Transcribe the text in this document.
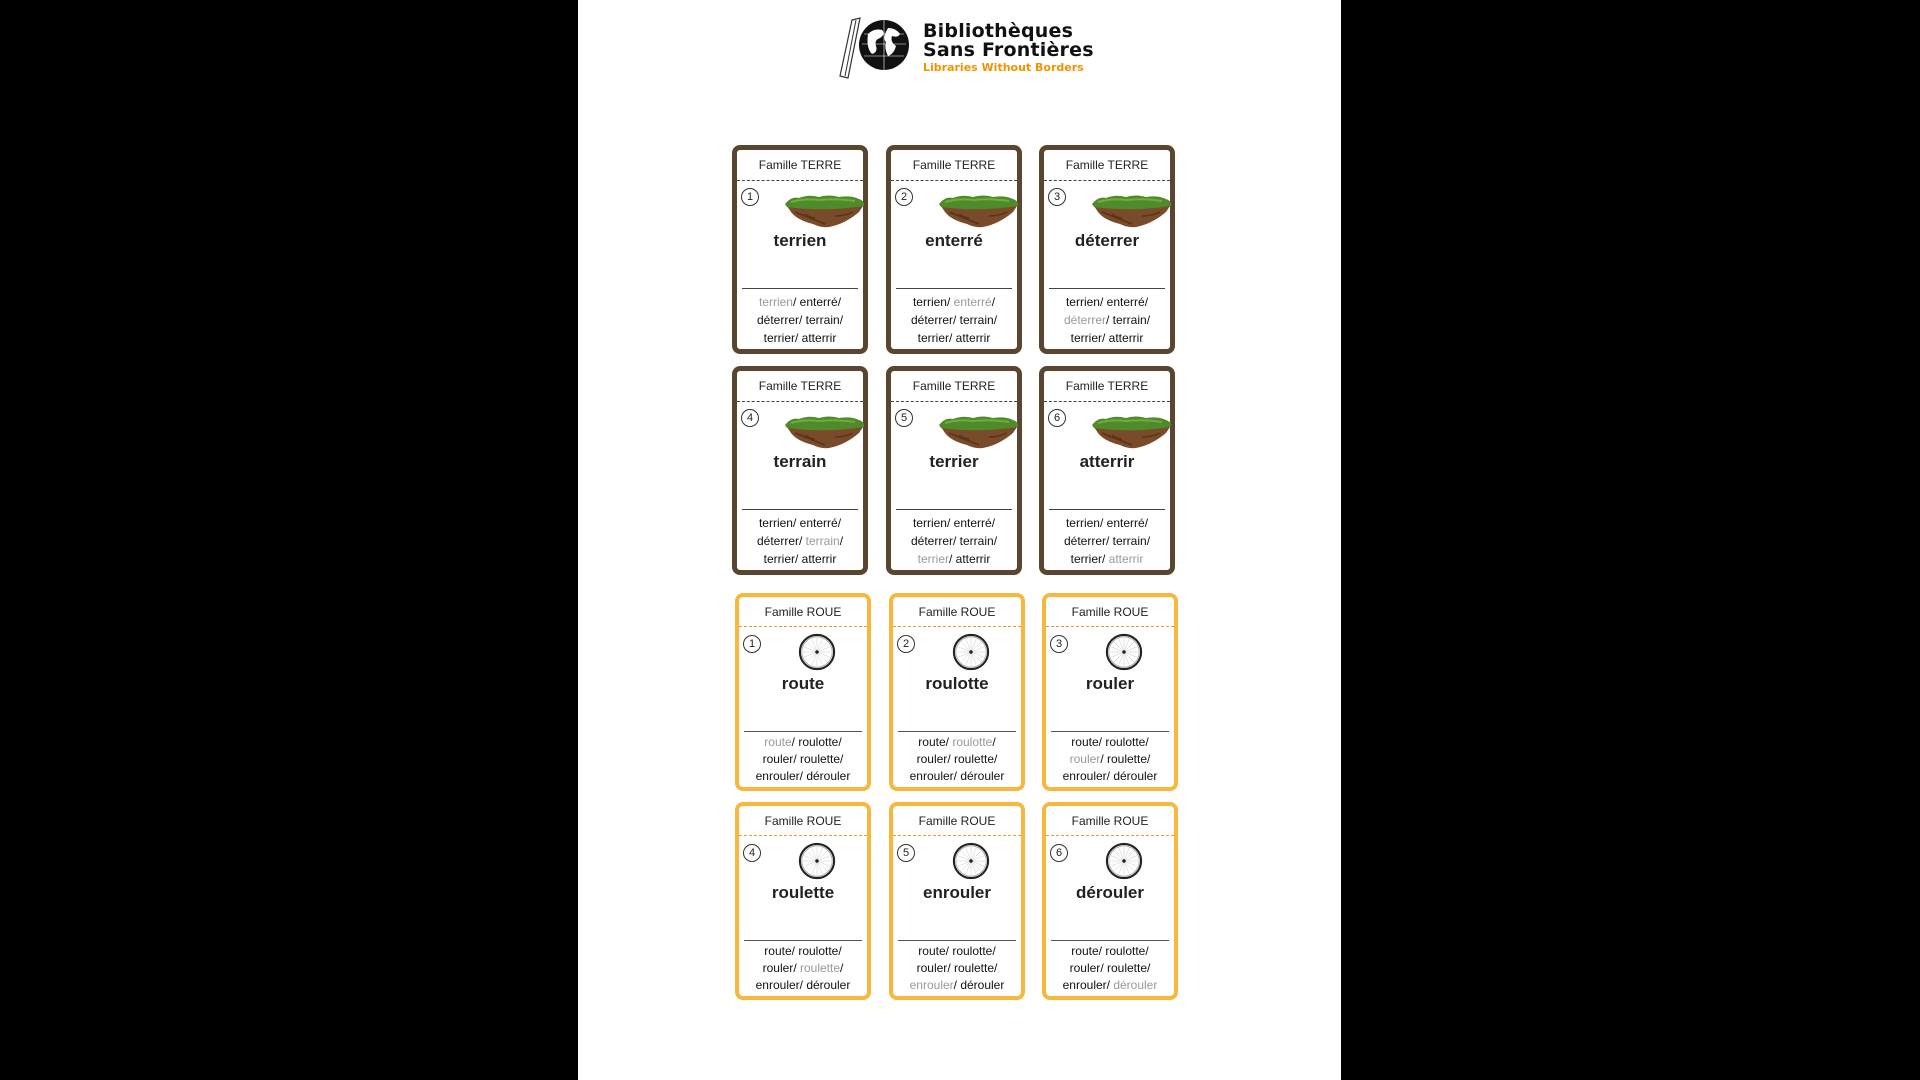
Bibliothèques
Sans Frontières
Libraries Without Borders
Famille TERRE
1
terrien
terrien/ enterré/
déterrer/ terrain/
terrier/ atterrir
Famille TERRE
2
enterré
terrien/ enterré/
déterrer/ terrain/
terrier/ atterrir
Famille TERRE
3
déterrer
terrien/ enterré/
déterrer/ terrain/
terrier/ atterrir
Famille TERRE
4
terrain
terrien/ enterré/
déterrer/ terrain/
terrier/ atterrir
Famille TERRE
5
terrier
terrien/ enterré/
déterrer/ terrain/
terrier/ atterrir
Famille TERRE
6
atterrir
terrien/ enterré/
déterrer/ terrain/
terrier/ atterrir
Famille ROUE
1
route
route/ roulotte/
rouler/ roulette/
enrouler/ dérouler
Famille ROUE
2
roulotte
route/ roulotte/
rouler/ roulette/
enrouler/ dérouler
Famille ROUE
3
rouler
route/ roulotte/
rouler/ roulette/
enrouler/ dérouler
Famille ROUE
4
roulette
route/ roulotte/
rouler/ roulette/
enrouler/ dérouler
Famille ROUE
5
enrouler
route/ roulotte/
rouler/ roulette/
enrouler/ dérouler
Famille ROUE
6
dérouler
route/ roulotte/
rouler/ roulette/
enrouler/ dérouler
